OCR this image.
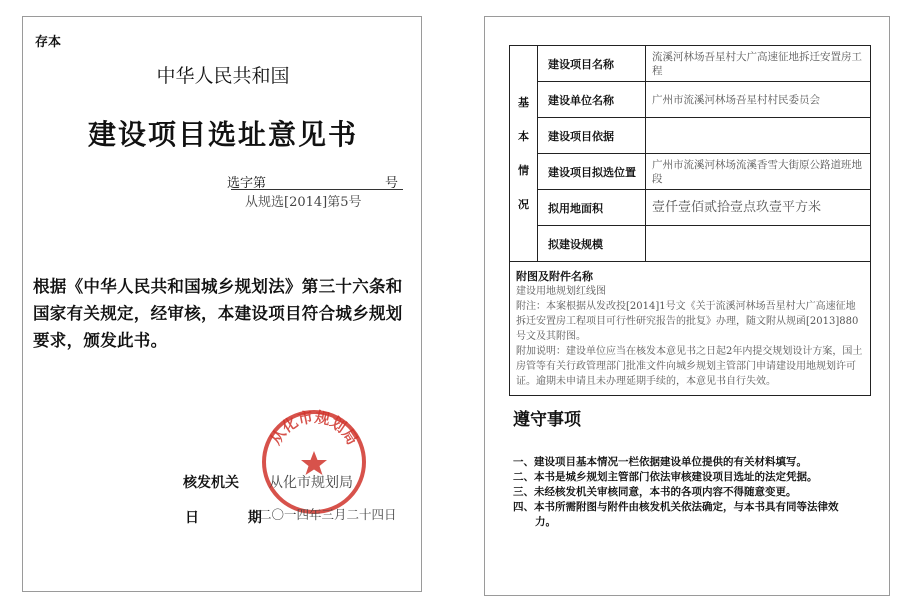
存本
中华人民共和国
建设项目选址意见书
选字第	号
从规选[2014]第5号
根据《中华人民共和国城乡规划法》第三十六条和国家有关规定，经审核，本建设项目符合城乡规划要求，颁发此书。
从化市规划局
核发机关 从化市规划局
日 期
二〇一四年三月二十四日
基
本
情
况	建设项目名称	流溪河林场吾星村大广高速征地拆迁安置房工程
	建设单位名称	广州市流溪河林场吾星村村民委员会
	建设项目依据	
	建设项目拟选位置	广州市流溪河林场流溪香雪大街原公路道班地段
	拟用地面积	壹仟壹佰贰拾壹点玖壹平方米
	拟建设规模	

附图及附件名称
建设用地规划红线图
附注：本案根据从发改投[2014]1号文《关于流溪河林场吾星村大广高速征地拆迁安置房工程项目可行性研究报告的批复》办理，随文附从规函[2013]880号文及其附图。
附加说明：建设单位应当在核发本意见书之日起2年内提交规划设计方案，国土房管等有关行政管理部门批准文件向城乡规划主管部门申请建设用地规划许可证。逾期未申请且未办理延期手续的，本意见书自行失效。		
遵守事项
一、建设项目基本情况一栏依据建设单位提供的有关材料填写。
二、本书是城乡规划主管部门依法审核建设项目选址的法定凭据。
三、未经核发机关审核同意，本书的各项内容不得随意变更。
四、本书所需附图与附件由核发机关依法确定，与本书具有同等法律效
力。
